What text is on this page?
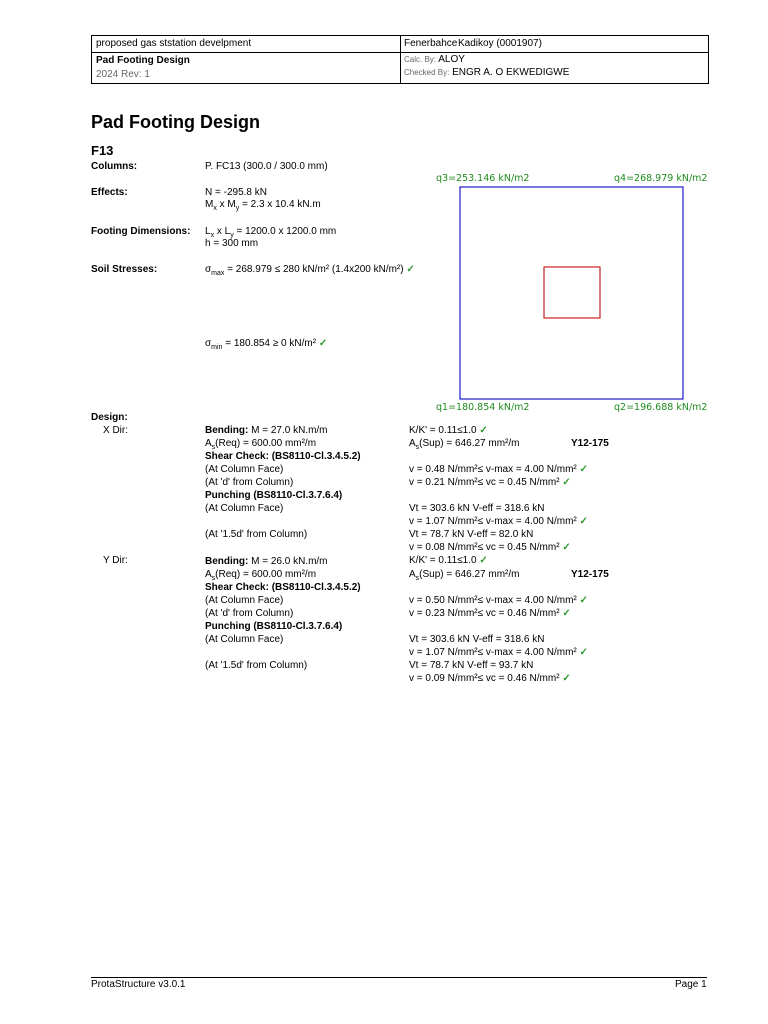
proposed gas ststation develpment	Fenerbahce Kadikoy (0001907)
Pad Footing Design
2024 Rev: 1
Calc. By: ALOY
Checked By: ENGR A. O EKWEDIGWE
Pad Footing Design
F13
Columns:	P. FC13 (300.0 / 300.0 mm)
Effects:	N = -295.8 kN
$M_x$ x $M_y = 2.3$ x 10.4 kN.m
Footing Dimensions: $L_x$ x $L_y = 1200.0$ x 1200.0 mm
h = 300 mm
Soil Stresses:	$\sigma_{max} = 268.979 \le 280$ kN/m² (1.4x200 kN/m²) ✓
$\sigma_{min} = 180.854 \ge 0$ kN/m² ✓
q3=253.146 kN/m2	q4=268.979 kN/m2
q1=180.854 kN/m2	q2=196.688 kN/m2
Design:
X Dir:	Bending: M = 27.0 kN.m/m	K/K' = 0.11≤1.0 ✓
$A_s(Req) = 600.00$ mm²/m	$A_s(Sup) = 646.27$ mm²/m	Y12-175
Shear Check: (BS8110-Cl.3.4.5.2)
(At Column Face)	v = 0.48 N/mm²≤ v-max = 4.00 N/mm² ✓
(At 'd' from Column)	v = 0.21 N/mm²≤ vc = 0.45 N/mm² ✓
Punching (BS8110-Cl.3.7.6.4)
(At Column Face)	Vt = 303.6 kN V-eff = 318.6 kN
v = 1.07 N/mm²≤ v-max = 4.00 N/mm² ✓
(At '1.5d' from Column)	Vt = 78.7 kN V-eff = 82.0 kN
v = 0.08 N/mm²≤ vc = 0.45 N/mm² ✓
Y Dir:	Bending: M = 26.0 kN.m/m	K/K' = 0.11≤1.0 ✓
$A_s(Req) = 600.00$ mm²/m	$A_s(Sup) = 646.27$ mm²/m	Y12-175
Shear Check: (BS8110-Cl.3.4.5.2)
(At Column Face)	v = 0.50 N/mm²≤ v-max = 4.00 N/mm² ✓
(At 'd' from Column)	v = 0.23 N/mm²≤ vc = 0.46 N/mm² ✓
Punching (BS8110-Cl.3.7.6.4)
(At Column Face)	Vt = 303.6 kN V-eff = 318.6 kN
v = 1.07 N/mm²≤ v-max = 4.00 N/mm² ✓
(At '1.5d' from Column)	Vt = 78.7 kN V-eff = 93.7 kN
v = 0.09 N/mm²≤ vc = 0.46 N/mm² ✓
ProtaStructure v3.0.1	Page 1
